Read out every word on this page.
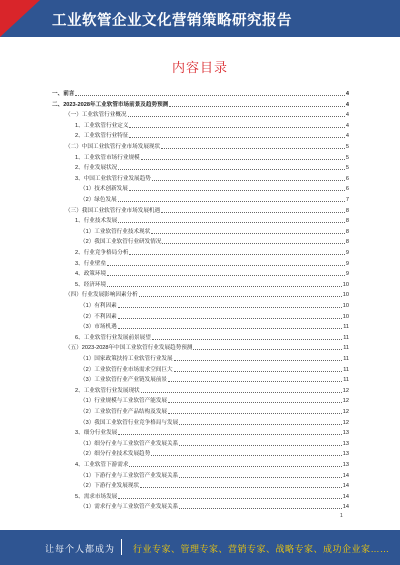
工业软管企业文化营销策略研究报告
内容目录
一、前言	4
二、2023-2028年工业软管市场前景及趋势预测	4
（一）工业软管行业概况	4
1、工业软管行业定义	4
2、工业软管行业特征	4
（二）中国工业软管行业市场发展现状	5
1、工业软管市场行业规模	5
2、行业发展状况	5
3、中国工业软管行业发展趋势	6
（1）技术创新发展	6
（2）绿色发展	7
（三）我国工业软管行业市场发展机遇	8
1、行业技术发展	8
（1）工业软管行业技术现状	8
（2）我国工业软管行业研发情况	8
2、行业竞争格局分析	9
3、行业壁垒	9
4、政策环境	9
5、经济环境	10
（四）行业发展影响因素分析	10
（1）有利因素	10
（2）不利因素	10
（3）市场机遇	11
6、工业软管行业发展前景展望	11
（五）2023-2028年中国工业软管行业发展趋势预测	11
（1）国家政策扶持工业软管行业发展	11
（2）工业软管行业市场需求空间巨大	11
（3）工业软管行业产业链发展前景	11
2、工业软管行业发展现状	12
（1）行业规模与工业软管产能发展	12
（2）工业软管行业产品结构及发展	12
（3）我国工业软管行业竞争格局与发展	12
3、细分行业发展	13
（1）细分行业与工业软管产业发展关系	13
（2）细分行业技术发展趋势	13
4、工业软管下游需求	13
（1）下游行业与工业软管产业发展关系	14
（2）下游行业发展现状	14
5、需求市场发展	14
（1）需求行业与工业软管产业发展关系	14
1
让每个人都成为 行业专家、管理专家、营销专家、战略专家、成功企业家……
